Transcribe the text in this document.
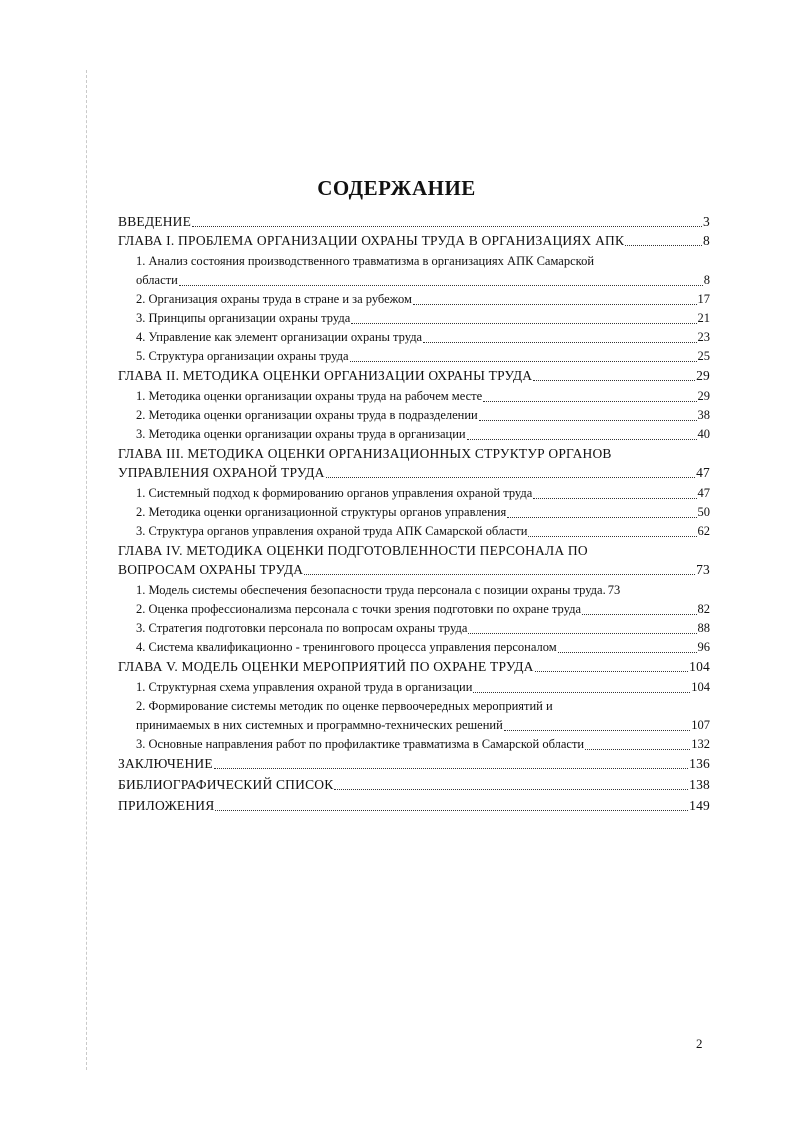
СОДЕРЖАНИЕ
ВВЕДЕНИЕ	3
ГЛАВА I. ПРОБЛЕМА ОРГАНИЗАЦИИ ОХРАНЫ ТРУДА В ОРГАНИЗАЦИЯХ АПК	8
1. Анализ состояния производственного травматизма в организациях АПК Самарской
области	8
2. Организация охраны труда в стране и за рубежом	17
3. Принципы организации охраны труда	21
4. Управление как элемент организации охраны труда	23
5. Структура организации охраны труда	25
ГЛАВА II. МЕТОДИКА ОЦЕНКИ ОРГАНИЗАЦИИ ОХРАНЫ ТРУДА	29
1. Методика оценки организации охраны труда на рабочем месте	29
2. Методика оценки организации охраны труда в подразделении	38
3. Методика оценки организации охраны труда в организации	40
ГЛАВА III. МЕТОДИКА ОЦЕНКИ ОРГАНИЗАЦИОННЫХ СТРУКТУР ОРГАНОВ
УПРАВЛЕНИЯ ОХРАНОЙ ТРУДА	47
1. Системный подход к формированию органов управления охраной труда	47
2. Методика оценки организационной структуры органов управления	50
3. Структура органов управления охраной труда АПК Самарской области	62
ГЛАВА IV. МЕТОДИКА ОЦЕНКИ ПОДГОТОВЛЕННОСТИ ПЕРСОНАЛА ПО
ВОПРОСАМ ОХРАНЫ ТРУДА	73
1. Модель системы обеспечения безопасности труда персонала с позиции охраны труда. 73
2. Оценка профессионализма персонала с точки зрения подготовки по охране труда	82
3. Стратегия подготовки персонала по вопросам охраны труда	88
4. Система квалификационно - тренингового процесса управления персоналом	96
ГЛАВА V. МОДЕЛЬ ОЦЕНКИ МЕРОПРИЯТИЙ ПО ОХРАНЕ ТРУДА	104
1. Структурная схема управления охраной труда в организации	104
2. Формирование системы методик по оценке первоочередных мероприятий и
принимаемых в них системных и программно-технических решений	107
3. Основные направления работ по профилактике травматизма в Самарской области	132
ЗАКЛЮЧЕНИЕ	136
БИБЛИОГРАФИЧЕСКИЙ СПИСОК	138
ПРИЛОЖЕНИЯ	149
2
